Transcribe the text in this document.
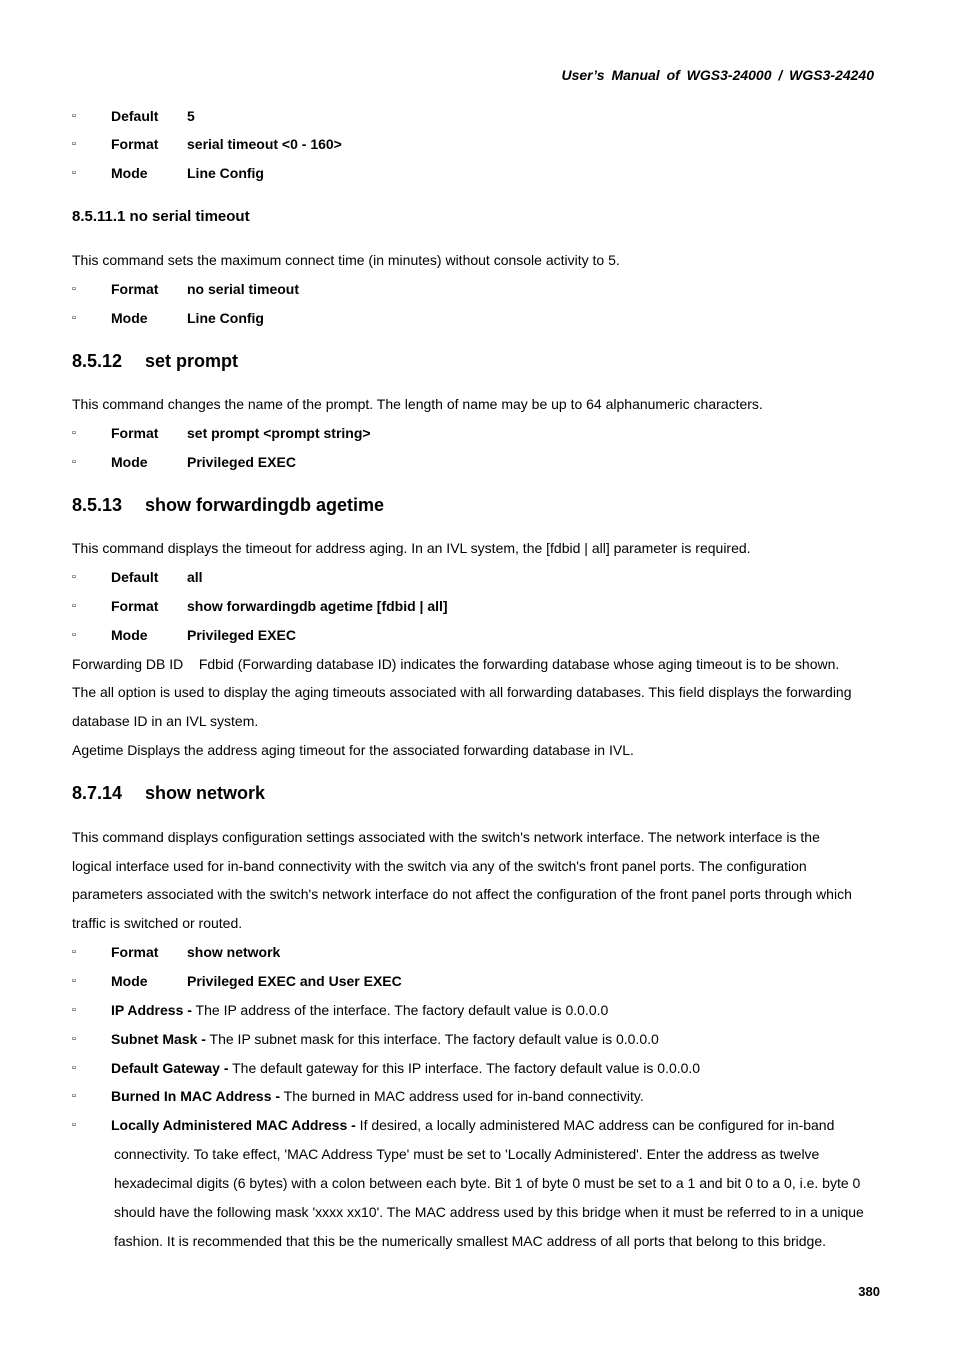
User’s Manual of WGS3-24000 / WGS3-24240
▫	Default 5
▫	Format serial timeout <0 - 160>
▫	Mode	Line Config
8.5.11.1 no serial timeout
This command sets the maximum connect time (in minutes) without console activity to 5.
▫	Format no serial timeout
▫	Mode	Line Config
8.5.12 set prompt
This command changes the name of the prompt. The length of name may be up to 64 alphanumeric characters.
▫	Format set prompt <prompt string>
▫	Mode	Privileged EXEC
8.5.13 show forwardingdb agetime
This command displays the timeout for address aging. In an IVL system, the [fdbid | all] parameter is required.
▫	Default all
▫	Format show forwardingdb agetime [fdbid | all]
▫	Mode	Privileged EXEC
Forwarding DB ID    Fdbid (Forwarding database ID) indicates the forwarding database whose aging timeout is to be shown.
The all option is used to display the aging timeouts associated with all forwarding databases. This field displays the forwarding
database ID in an IVL system.
Agetime Displays the address aging timeout for the associated forwarding database in IVL.
8.7.14 show network
This command displays configuration settings associated with the switch's network interface. The network interface is the
logical interface used for in-band connectivity with the switch via any of the switch's front panel ports. The configuration
parameters associated with the switch's network interface do not affect the configuration of the front panel ports through which
traffic is switched or routed.
▫	Format show network
▫	Mode	Privileged EXEC and User EXEC
▫	IP Address - The IP address of the interface. The factory default value is 0.0.0.0
▫	Subnet Mask - The IP subnet mask for this interface. The factory default value is 0.0.0.0
▫	Default Gateway - The default gateway for this IP interface. The factory default value is 0.0.0.0
▫	Burned In MAC Address - The burned in MAC address used for in-band connectivity.
▫	Locally Administered MAC Address - If desired, a locally administered MAC address can be configured for in-band
connectivity. To take effect, 'MAC Address Type' must be set to 'Locally Administered'. Enter the address as twelve
hexadecimal digits (6 bytes) with a colon between each byte. Bit 1 of byte 0 must be set to a 1 and bit 0 to a 0, i.e. byte 0
should have the following mask 'xxxx xx10'. The MAC address used by this bridge when it must be referred to in a unique
fashion. It is recommended that this be the numerically smallest MAC address of all ports that belong to this bridge.
380
